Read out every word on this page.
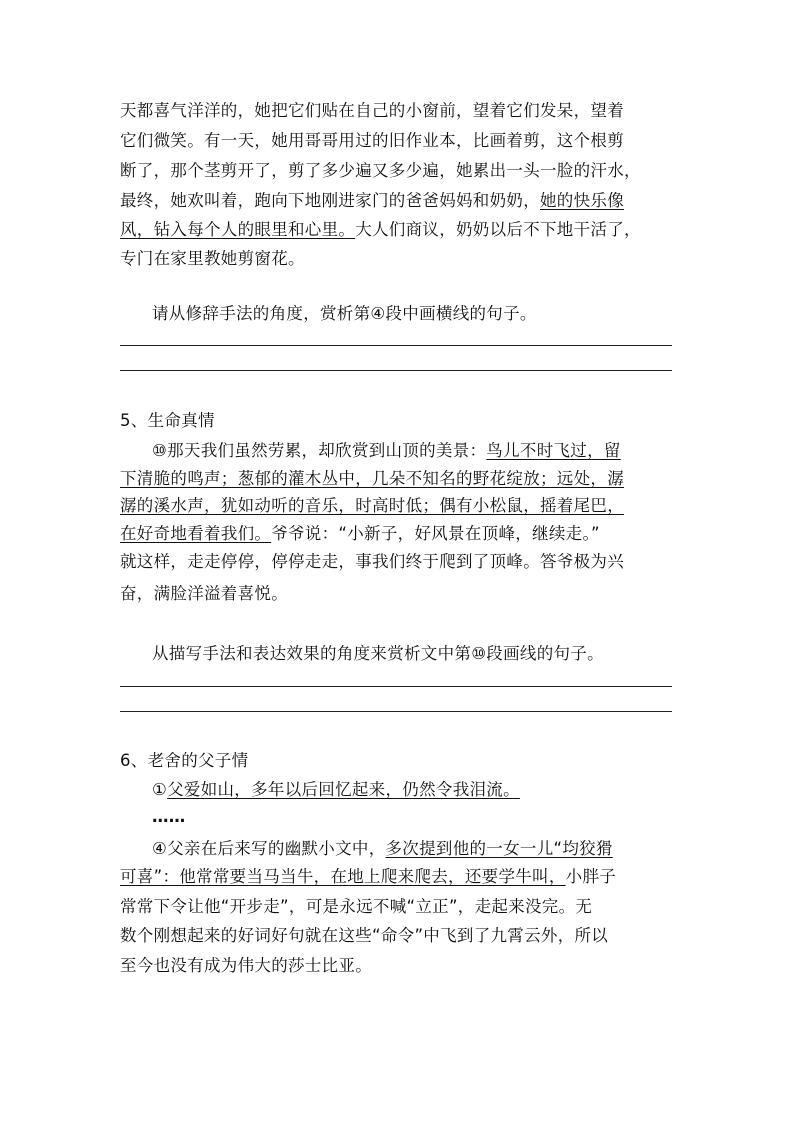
天都喜气洋洋的，她把它们贴在自己的小窗前，望着它们发呆，望着
它们微笑。有一天，她用哥哥用过的旧作业本，比画着剪，这个根剪
断了，那个茎剪开了，剪了多少遍又多少遍，她累出一头一脸的汗水，
最终，她欢叫着，跑向下地刚进家门的爸爸妈妈和奶奶，她的快乐像
风，钻入每个人的眼里和心里。大人们商议，奶奶以后不下地干活了，
专门在家里教她剪窗花。
请从修辞手法的角度，赏析第④段中画横线的句子。
5、生命真情
⑩那天我们虽然劳累，却欣赏到山顶的美景：鸟儿不时飞过，留
下清脆的鸣声；葱郁的灌木丛中，几朵不知名的野花绽放；远处，潺
潺的溪水声，犹如动听的音乐，时高时低；偶有小松鼠，摇着尾巴，
在好奇地看着我们。爷爷说：“小新子，好风景在顶峰，继续走。”
就这样，走走停停，停停走走，事我们终于爬到了顶峰。答爷极为兴
奋，满脸洋溢着喜悦。
从描写手法和表达效果的角度来赏析文中第⑩段画线的句子。
6、老舍的父子情
①父爱如山，多年以后回忆起来，仍然令我泪流。
……
④父亲在后来写的幽默小文中，多次提到他的一女一儿“均狡猾
可喜”：他常常要当马当牛，在地上爬来爬去，还要学牛叫，小胖子
常常下令让他“开步走”，可是永远不喊“立正”，走起来没完。无
数个刚想起来的好词好句就在这些“命令”中飞到了九霄云外，所以
至今也没有成为伟大的莎士比亚。
